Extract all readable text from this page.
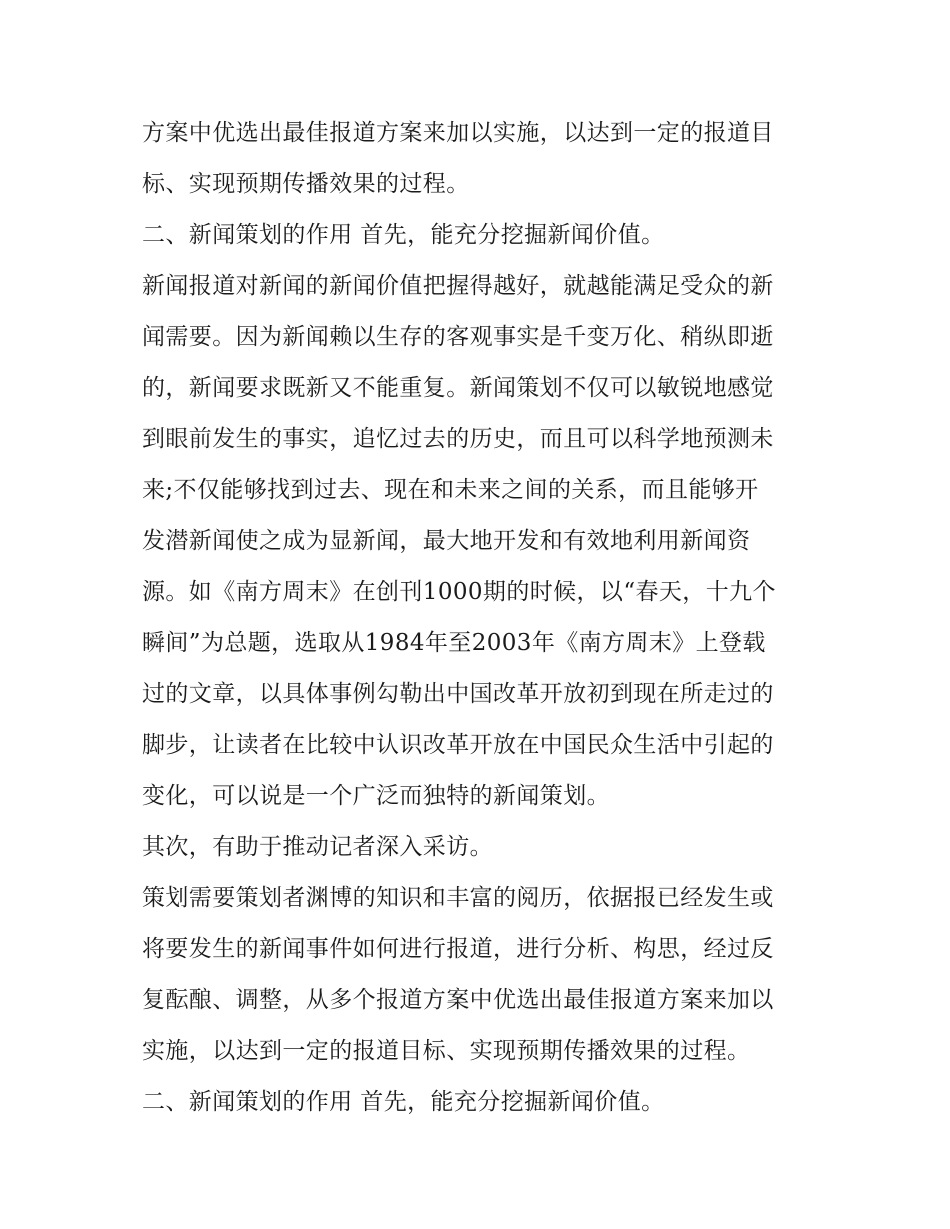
方案中优选出最佳报道方案来加以实施，以达到一定的报道目
标、实现预期传播效果的过程。
二、新闻策划的作用 首先，能充分挖掘新闻价值。
新闻报道对新闻的新闻价值把握得越好，就越能满足受众的新
闻需要。因为新闻赖以生存的客观事实是千变万化、稍纵即逝
的，新闻要求既新又不能重复。新闻策划不仅可以敏锐地感觉
到眼前发生的事实，追忆过去的历史，而且可以科学地预测未
来;不仅能够找到过去、现在和未来之间的关系，而且能够开
发潜新闻使之成为显新闻，最大地开发和有效地利用新闻资
源。如《南方周末》在创刊1000期的时候，以“春天，十九个
瞬间”为总题，选取从1984年至2003年《南方周末》上登载
过的文章，以具体事例勾勒出中国改革开放初到现在所走过的
脚步，让读者在比较中认识改革开放在中国民众生活中引起的
变化，可以说是一个广泛而独特的新闻策划。
其次，有助于推动记者深入采访。
策划需要策划者渊博的知识和丰富的阅历，依据报已经发生或
将要发生的新闻事件如何进行报道，进行分析、构思，经过反
复酝酿、调整，从多个报道方案中优选出最佳报道方案来加以
实施，以达到一定的报道目标、实现预期传播效果的过程。
二、新闻策划的作用 首先，能充分挖掘新闻价值。
